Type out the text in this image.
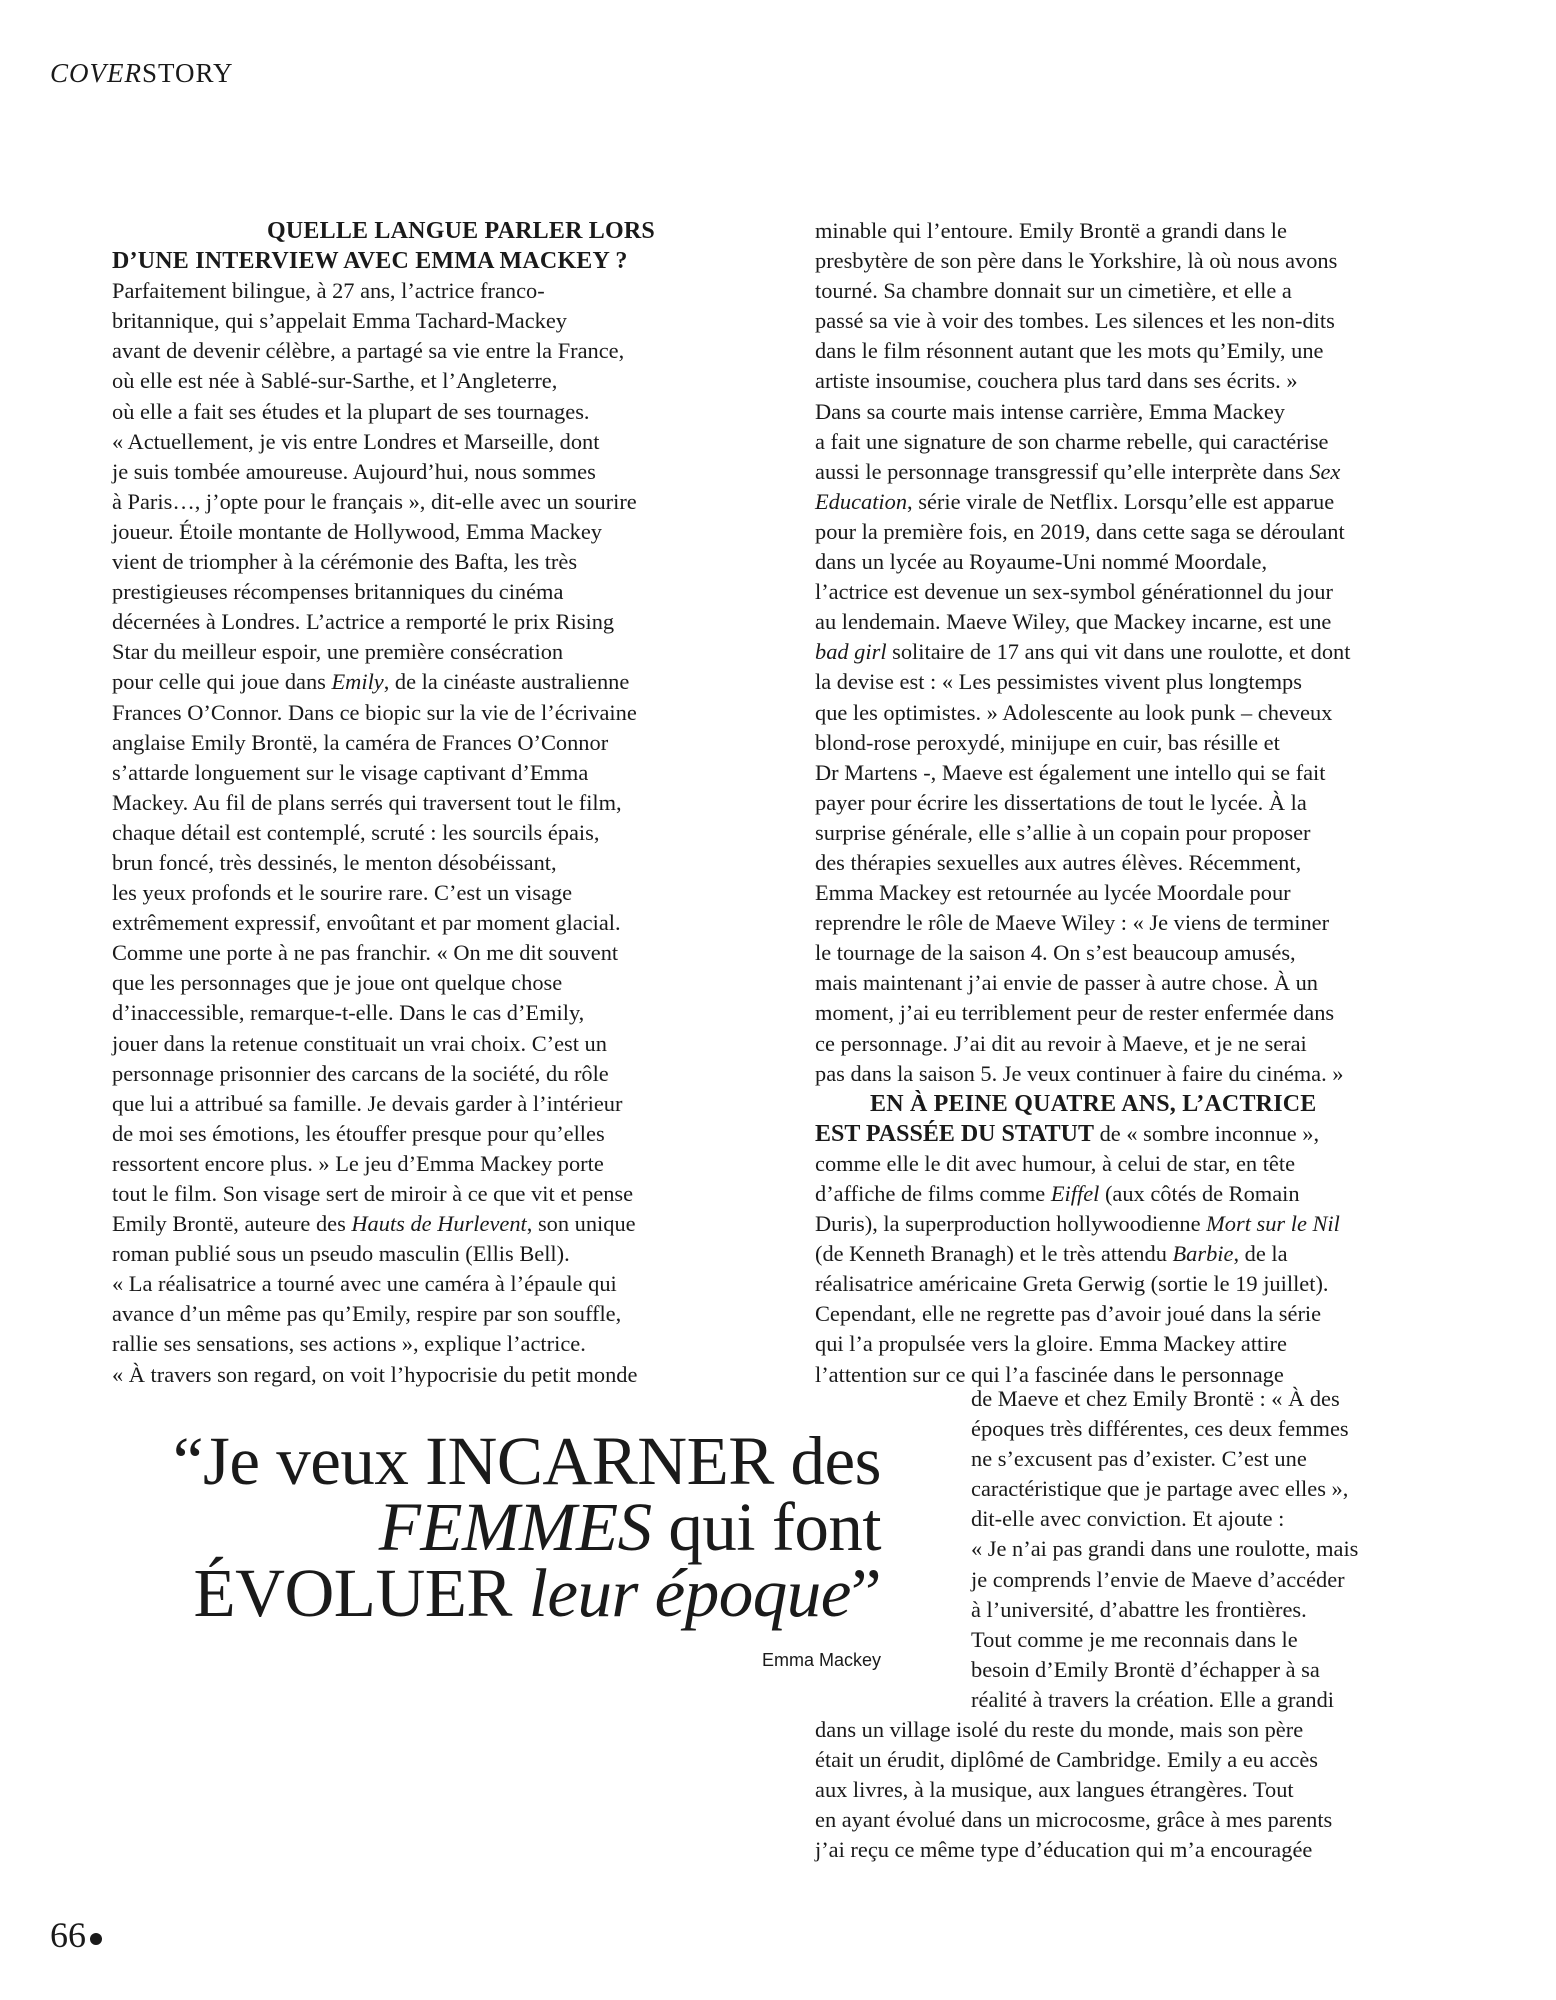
COVERSTORY
QUELLE LANGUE PARLER LORS
D’UNE INTERVIEW AVEC EMMA MACKEY ?
Parfaitement bilingue, à 27 ans, l’actrice franco-
britannique, qui s’appelait Emma Tachard-Mackey
avant de devenir célèbre, a partagé sa vie entre la France,
où elle est née à Sablé-sur-Sarthe, et l’Angleterre,
où elle a fait ses études et la plupart de ses tournages.
« Actuellement, je vis entre Londres et Marseille, dont
je suis tombée amoureuse. Aujourd’hui, nous sommes
à Paris…, j’opte pour le français », dit-elle avec un sourire
joueur. Étoile montante de Hollywood, Emma Mackey
vient de triompher à la cérémonie des Bafta, les très
prestigieuses récompenses britanniques du cinéma
décernées à Londres. L’actrice a remporté le prix Rising
Star du meilleur espoir, une première consécration
pour celle qui joue dans Emily, de la cinéaste australienne
Frances O’Connor. Dans ce biopic sur la vie de l’écrivaine
anglaise Emily Brontë, la caméra de Frances O’Connor
s’attarde longuement sur le visage captivant d’Emma
Mackey. Au fil de plans serrés qui traversent tout le film,
chaque détail est contemplé, scruté : les sourcils épais,
brun foncé, très dessinés, le menton désobéissant,
les yeux profonds et le sourire rare. C’est un visage
extrêmement expressif, envoûtant et par moment glacial.
Comme une porte à ne pas franchir. « On me dit souvent
que les personnages que je joue ont quelque chose
d’inaccessible, remarque-t-elle. Dans le cas d’Emily,
jouer dans la retenue constituait un vrai choix. C’est un
personnage prisonnier des carcans de la société, du rôle
que lui a attribué sa famille. Je devais garder à l’intérieur
de moi ses émotions, les étouffer presque pour qu’elles
ressortent encore plus. » Le jeu d’Emma Mackey porte
tout le film. Son visage sert de miroir à ce que vit et pense
Emily Brontë, auteure des Hauts de Hurlevent, son unique
roman publié sous un pseudo masculin (Ellis Bell).
« La réalisatrice a tourné avec une caméra à l’épaule qui
avance d’un même pas qu’Emily, respire par son souffle,
rallie ses sensations, ses actions », explique l’actrice.
« À travers son regard, on voit l’hypocrisie du petit monde
minable qui l’entoure. Emily Brontë a grandi dans le
presbytère de son père dans le Yorkshire, là où nous avons
tourné. Sa chambre donnait sur un cimetière, et elle a
passé sa vie à voir des tombes. Les silences et les non-dits
dans le film résonnent autant que les mots qu’Emily, une
artiste insoumise, couchera plus tard dans ses écrits. »
Dans sa courte mais intense carrière, Emma Mackey
a fait une signature de son charme rebelle, qui caractérise
aussi le personnage transgressif qu’elle interprète dans Sex
Education, série virale de Netflix. Lorsqu’elle est apparue
pour la première fois, en 2019, dans cette saga se déroulant
dans un lycée au Royaume-Uni nommé Moordale,
l’actrice est devenue un sex-symbol générationnel du jour
au lendemain. Maeve Wiley, que Mackey incarne, est une
bad girl solitaire de 17 ans qui vit dans une roulotte, et dont
la devise est : « Les pessimistes vivent plus longtemps
que les optimistes. » Adolescente au look punk – cheveux
blond-rose peroxydé, minijupe en cuir, bas résille et
Dr Martens -, Maeve est également une intello qui se fait
payer pour écrire les dissertations de tout le lycée. À la
surprise générale, elle s’allie à un copain pour proposer
des thérapies sexuelles aux autres élèves. Récemment,
Emma Mackey est retournée au lycée Moordale pour
reprendre le rôle de Maeve Wiley : « Je viens de terminer
le tournage de la saison 4. On s’est beaucoup amusés,
mais maintenant j’ai envie de passer à autre chose. À un
moment, j’ai eu terriblement peur de rester enfermée dans
ce personnage. J’ai dit au revoir à Maeve, et je ne serai
pas dans la saison 5. Je veux continuer à faire du cinéma. »
EN À PEINE QUATRE ANS, L’ACTRICE
EST PASSÉE DU STATUT de « sombre inconnue »,
comme elle le dit avec humour, à celui de star, en tête
d’affiche de films comme Eiffel (aux côtés de Romain
Duris), la superproduction hollywoodienne Mort sur le Nil
(de Kenneth Branagh) et le très attendu Barbie, de la
réalisatrice américaine Greta Gerwig (sortie le 19 juillet).
Cependant, elle ne regrette pas d’avoir joué dans la série
qui l’a propulsée vers la gloire. Emma Mackey attire
l’attention sur ce qui l’a fascinée dans le personnage
de Maeve et chez Emily Brontë : « À des
époques très différentes, ces deux femmes
ne s’excusent pas d’exister. C’est une
caractéristique que je partage avec elles »,
dit-elle avec conviction. Et ajoute :
« Je n’ai pas grandi dans une roulotte, mais
je comprends l’envie de Maeve d’accéder
à l’université, d’abattre les frontières.
Tout comme je me reconnais dans le
besoin d’Emily Brontë d’échapper à sa
réalité à travers la création. Elle a grandi
dans un village isolé du reste du monde, mais son père
était un érudit, diplômé de Cambridge. Emily a eu accès
aux livres, à la musique, aux langues étrangères. Tout
en ayant évolué dans un microcosme, grâce à mes parents
j’ai reçu ce même type d’éducation qui m’a encouragée
“Je veux INCARNER des
FEMMES qui font
ÉVOLUER leur époque”
Emma Mackey
66
